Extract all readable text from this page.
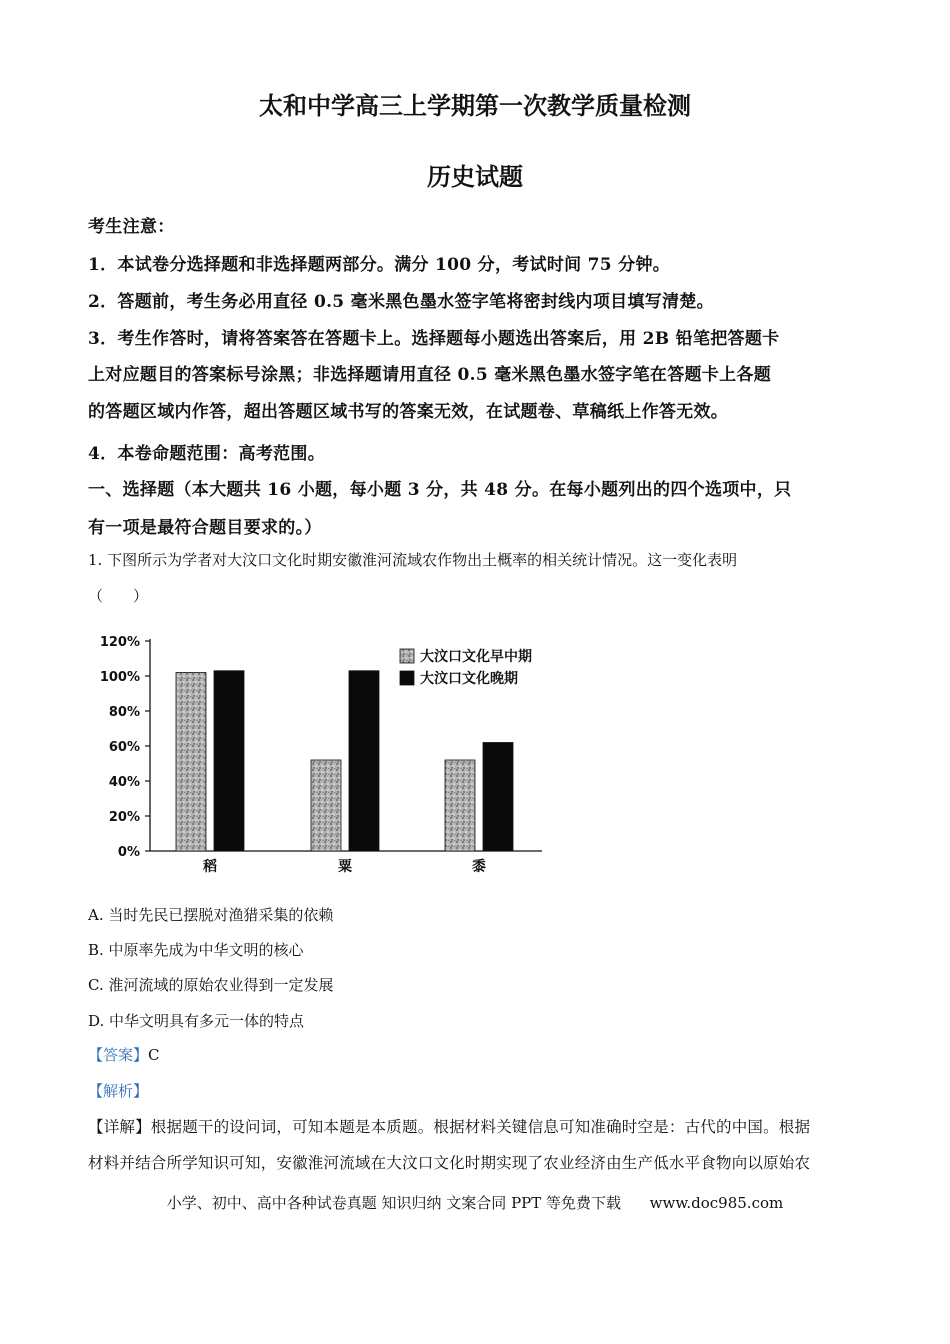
太和中学高三上学期第一次教学质量检测
历史试题
考生注意：
1．本试卷分选择题和非选择题两部分。满分 100 分，考试时间 75 分钟。
2．答题前，考生务必用直径 0.5 毫米黑色墨水签字笔将密封线内项目填写清楚。
3．考生作答时，请将答案答在答题卡上。选择题每小题选出答案后，用 2B 铅笔把答题卡
上对应题目的答案标号涂黑；非选择题请用直径 0.5 毫米黑色墨水签字笔在答题卡上各题
的答题区域内作答，超出答题区域书写的答案无效，在试题卷、草稿纸上作答无效。
4．本卷命题范围：高考范围。
一、选择题（本大题共 16 小题，每小题 3 分，共 48 分。在每小题列出的四个选项中，只
有一项是最符合题目要求的。）
1. 下图所示为学者对大汶口文化时期安徽淮河流域农作物出土概率的相关统计情况。这一变化表明
（　　）
0%
20%
40%
60%
80%
100%
120%
稻	粟	黍
大汶口文化早中期
大汶口文化晚期
A. 当时先民已摆脱对渔猎采集的依赖
B. 中原率先成为中华文明的核心
C. 淮河流域的原始农业得到一定发展
D. 中华文明具有多元一体的特点
【答案】C
【解析】
【详解】根据题干的设问词，可知本题是本质题。根据材料关键信息可知准确时空是：古代的中国。根据
材料并结合所学知识可知，安徽淮河流域在大汶口文化时期实现了农业经济由生产低水平食物向以原始农
小学、初中、高中各种试卷真题 知识归纳 文案合同 PPT 等免费下载 www.doc985.com
